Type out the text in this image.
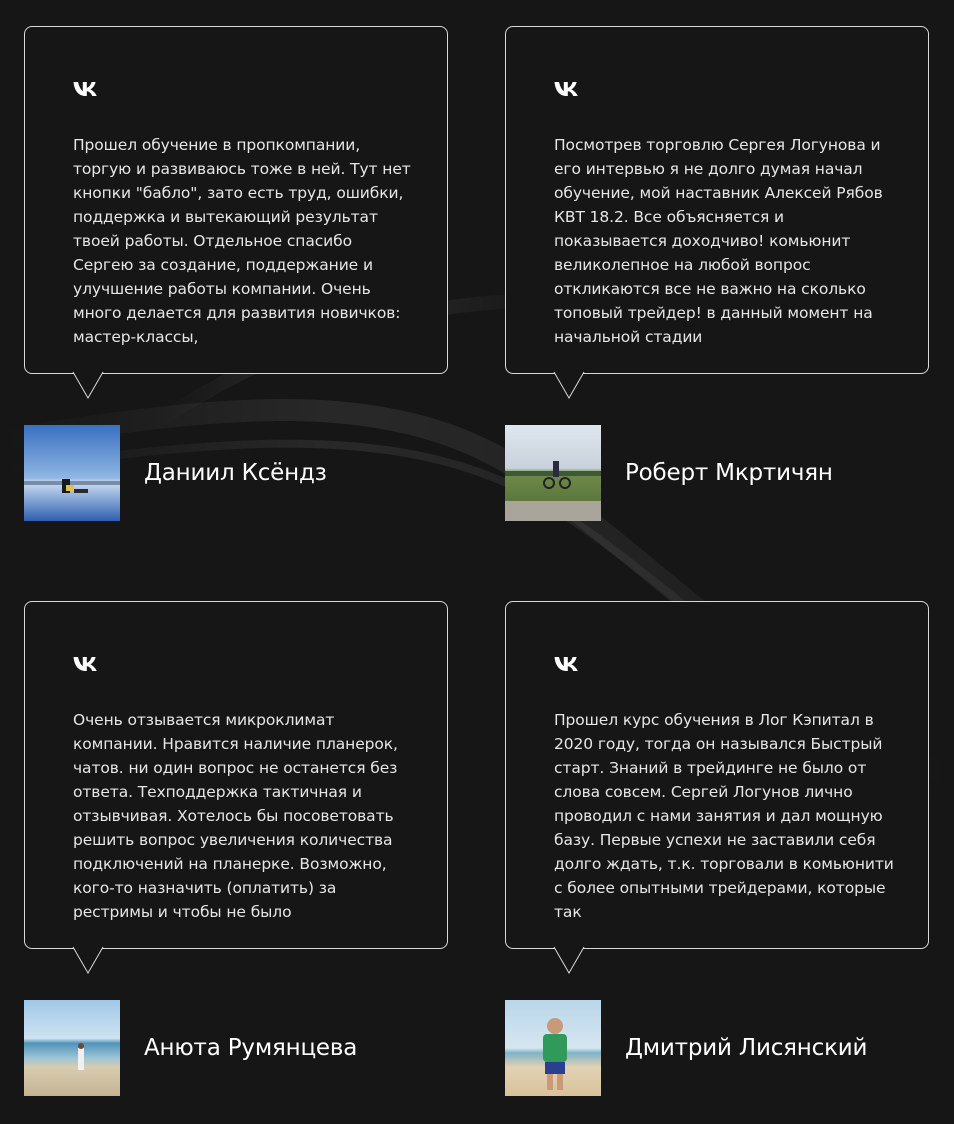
Прошел обучение в пропкомпании, торгую и развиваюсь тоже в ней. Тут нет кнопки "бабло", зато есть труд, ошибки, поддержка и вытекающий результат твоей работы. Отдельное спасибо Сергею за создание, поддержание и улучшение работы компании. Очень много делается для развития новичков: мастер-классы,

Даниил Ксёндз

Посмотрев торговлю Сергея Логунова и его интервью я не долго думая начал обучение, мой наставник Алексей Рябов КВТ 18.2. Все объясняется и показывается доходчиво! комьюнит великолепное на любой вопрос откликаются все не важно на сколько топовый трейдер! в данный момент на начальной стадии

Роберт Мкртичян

Очень отзывается микроклимат компании. Нравится наличие планерок, чатов. ни один вопрос не останется без ответа. Техподдержка тактичная и отзывчивая. Хотелось бы посоветовать решить вопрос увеличения количества подключений на планерке. Возможно, кого-то назначить (оплатить) за рестримы и чтобы не было

Анюта Румянцева

Прошел курс обучения в Лог Кэпитал в 2020 году, тогда он назывался Быстрый старт. Знаний в трейдинге не было от слова совсем. Сергей Логунов лично проводил с нами занятия и дал мощную базу. Первые успехи не заставили себя долго ждать, т.к. торговали в комьюнити с более опытными трейдерами, которые так

Дмитрий Лисянский
